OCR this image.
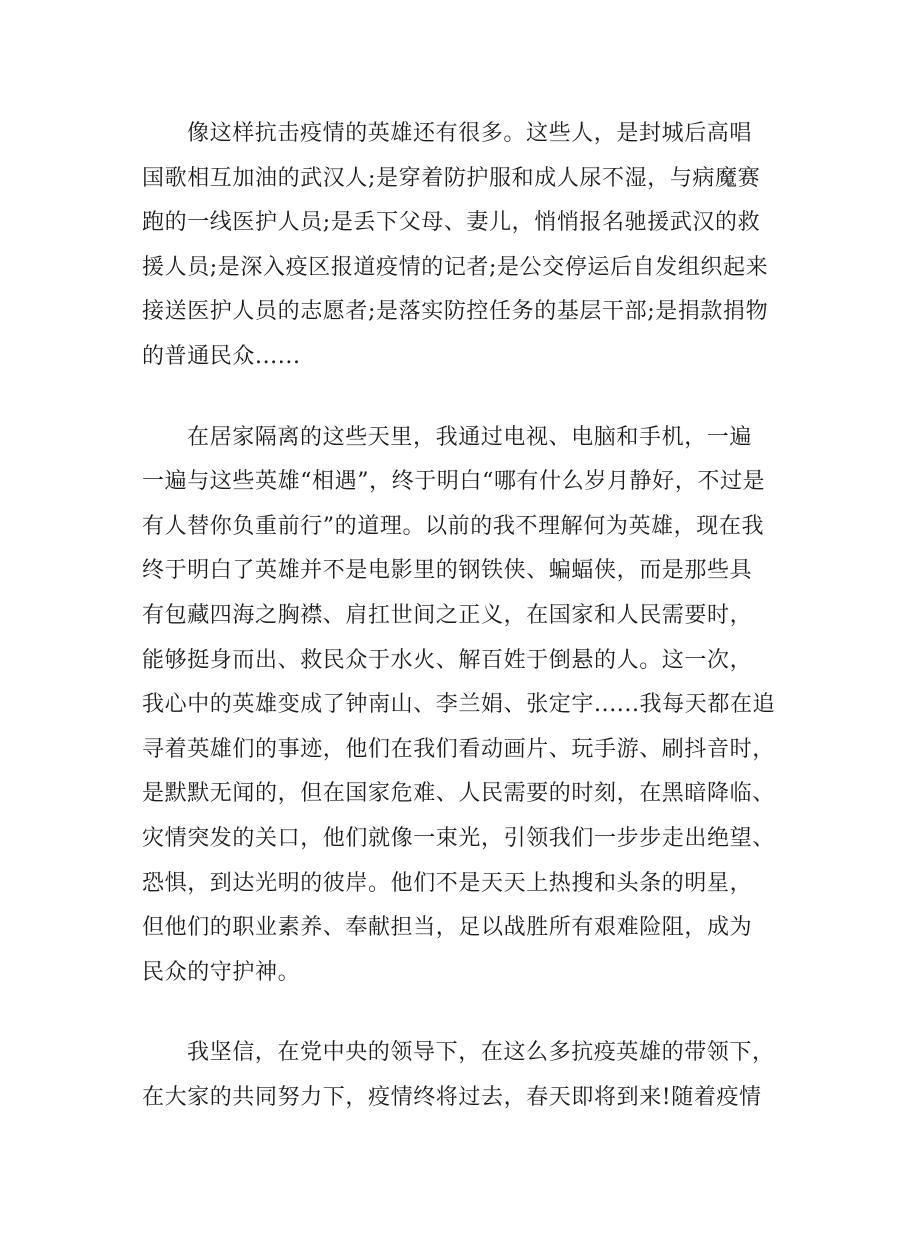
像这样抗击疫情的英雄还有很多。这些人，是封城后高唱
国歌相互加油的武汉人;是穿着防护服和成人尿不湿，与病魔赛
跑的一线医护人员;是丢下父母、妻儿，悄悄报名驰援武汉的救
援人员;是深入疫区报道疫情的记者;是公交停运后自发组织起来
接送医护人员的志愿者;是落实防控任务的基层干部;是捐款捐物
的普通民众......
在居家隔离的这些天里，我通过电视、电脑和手机，一遍
一遍与这些英雄“相遇”，终于明白“哪有什么岁月静好，不过是
有人替你负重前行”的道理。以前的我不理解何为英雄，现在我
终于明白了英雄并不是电影里的钢铁侠、蝙蝠侠，而是那些具
有包藏四海之胸襟、肩扛世间之正义，在国家和人民需要时，
能够挺身而出、救民众于水火、解百姓于倒悬的人。这一次，
我心中的英雄变成了钟南山、李兰娟、张定宇......我每天都在追
寻着英雄们的事迹，他们在我们看动画片、玩手游、刷抖音时，
是默默无闻的，但在国家危难、人民需要的时刻，在黑暗降临、
灾情突发的关口，他们就像一束光，引领我们一步步走出绝望、
恐惧，到达光明的彼岸。他们不是天天上热搜和头条的明星，
但他们的职业素养、奉献担当，足以战胜所有艰难险阻，成为
民众的守护神。
我坚信，在党中央的领导下，在这么多抗疫英雄的带领下，
在大家的共同努力下，疫情终将过去，春天即将到来!随着疫情
